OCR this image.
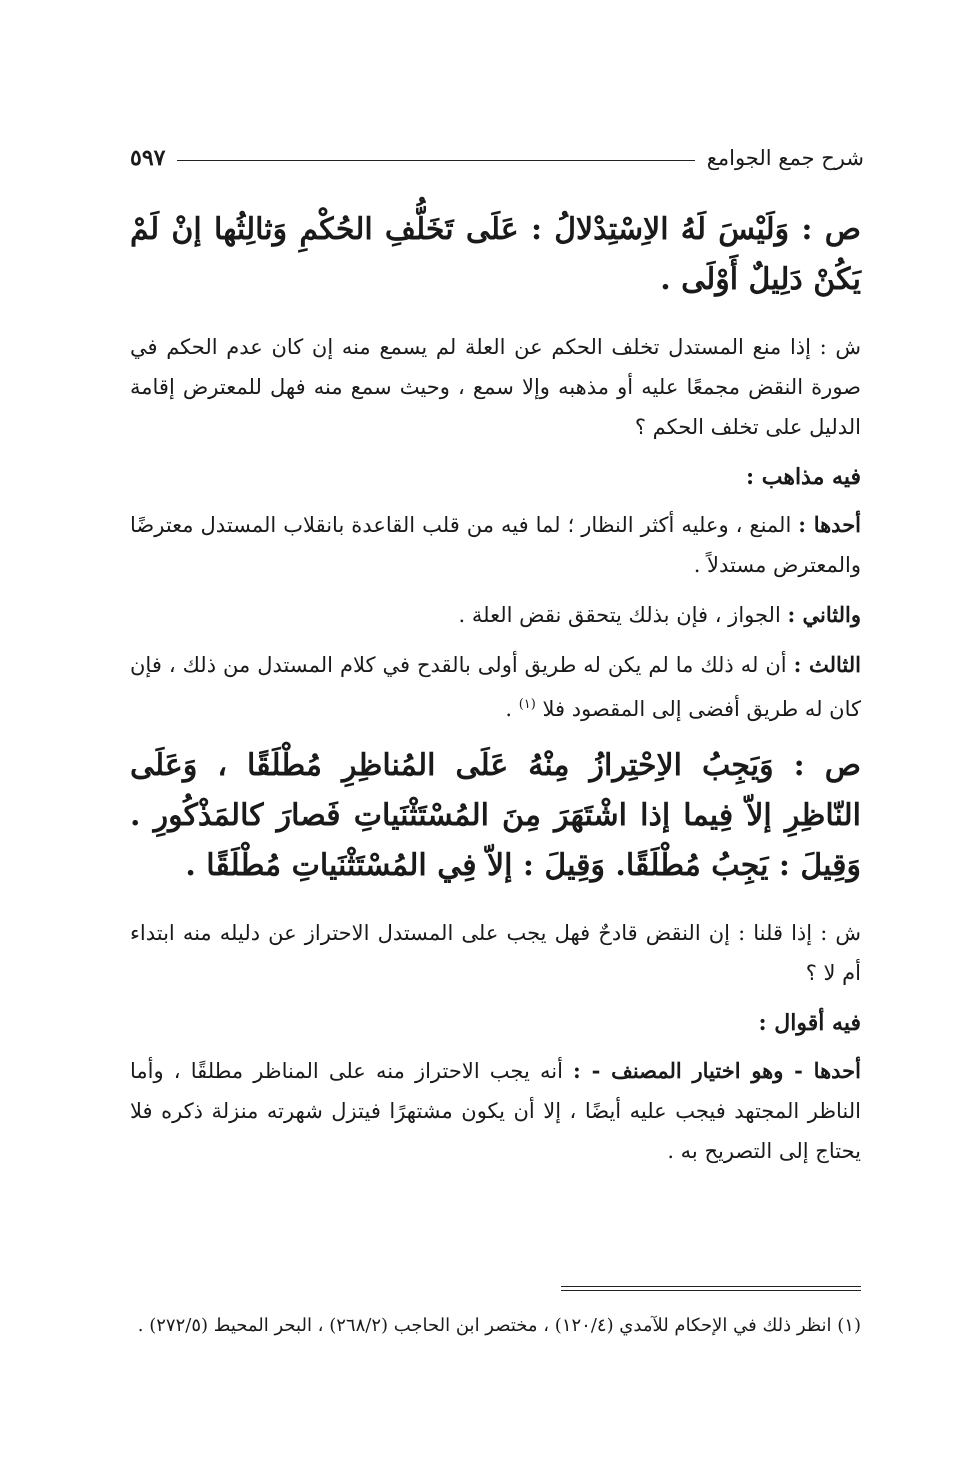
شرح جمع الجوامع
٥٩٧

ص : وَلَيْسَ لَهُ الاِسْتِدْلالُ : عَلَى تَخَلُّفِ الحُكْمِ وَثالِثُها إنْ لَمْ يَكُنْ دَلِيلٌ أَوْلَى .

ش : إذا منع المستدل تخلف الحكم عن العلة لم يسمع منه إن كان عدم الحكم في صورة النقض مجمعًا عليه أو مذهبه وإلا سمع ، وحيث سمع منه فهل للمعترض إقامة الدليل على تخلف الحكم ؟

فيه مذاهب :

أحدها : المنع ، وعليه أكثر النظار ؛ لما فيه من قلب القاعدة بانقلاب المستدل معترضًا والمعترض مستدلاً .

والثاني : الجواز ، فإن بذلك يتحقق نقض العلة .

الثالث : أن له ذلك ما لم يكن له طريق أولى بالقدح في كلام المستدل من ذلك ، فإن كان له طريق أفضى إلى المقصود فلا $^{(١)}$ .

ص : وَيَجِبُ الاِحْتِرازُ مِنْهُ عَلَى المُناظِرِ مُطْلَقًا ، وَعَلَى النّاظِرِ إلاّ فِيما إذا اشْتَهَرَ مِنَ المُسْتَثْنَياتِ فَصارَ كالمَذْكُورِ . وَقِيلَ : يَجِبُ مُطْلَقًا. وَقِيلَ : إلاّ فِي المُسْتَثْنَياتِ مُطْلَقًا .

ش : إذا قلنا : إن النقض قادحٌ فهل يجب على المستدل الاحتراز عن دليله منه ابتداء أم لا ؟

فيه أقوال :

أحدها - وهو اختيار المصنف - : أنه يجب الاحتراز منه على المناظر مطلقًا ، وأما الناظر المجتهد فيجب عليه أيضًا ، إلا أن يكون مشتهرًا فيتزل شهرته منزلة ذكره فلا يحتاج إلى التصريح به .

(١) انظر ذلك في الإحكام للآمدي (١٢٠/٤) ، مختصر ابن الحاجب (٢٦٨/٢) ، البحر المحيط (٢٧٢/٥) .
